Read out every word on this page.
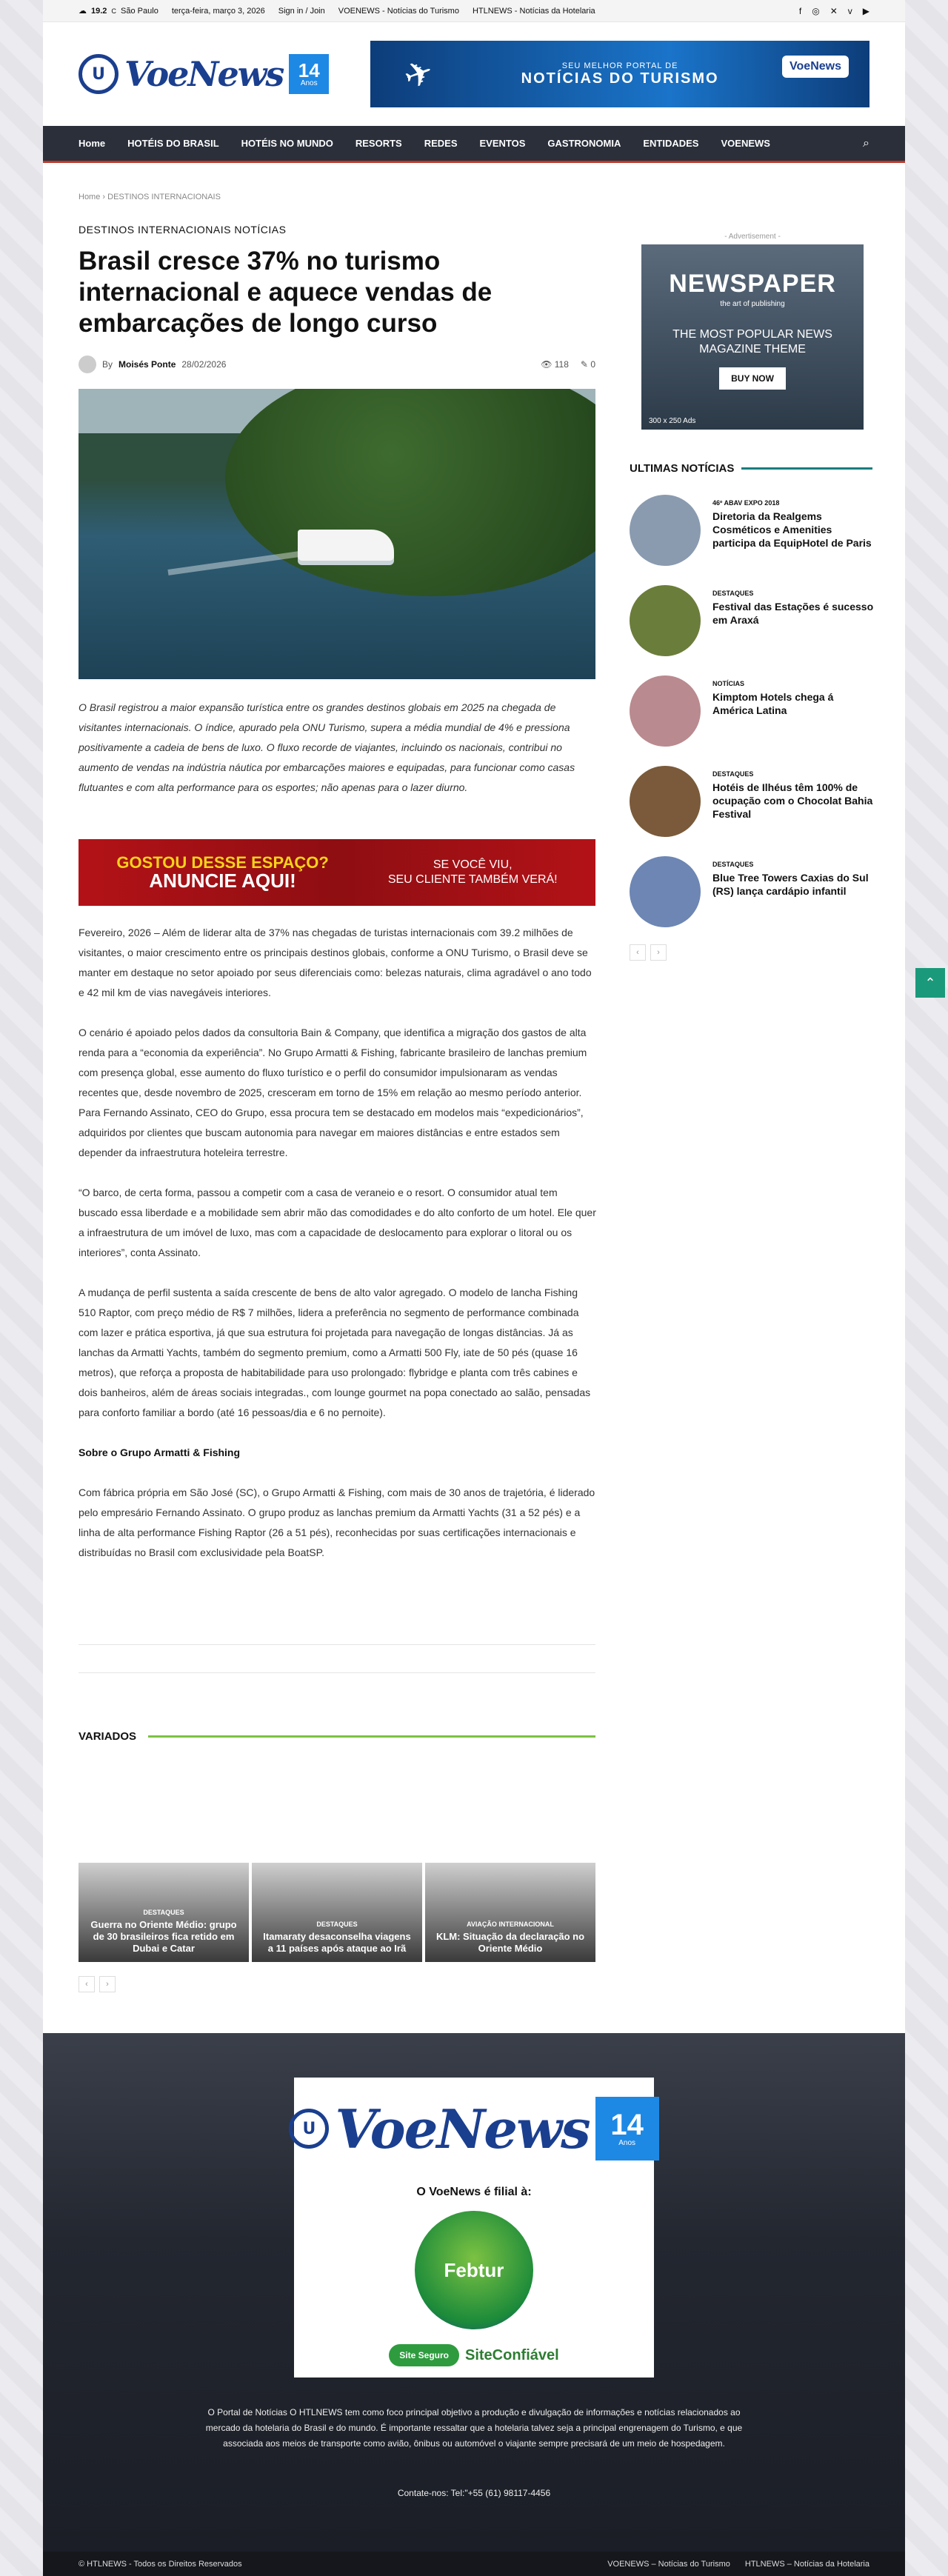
☁ 19.2 C São Paulo terça-feira, março 3, 2026 Sign in / Join VOENEWS - Notícias do Turismo HTLNEWS - Notícias da Hotelaria	f ◎ ✕ v ▶
U VoeNews 14
Anos ✈	SEU MELHOR PORTAL DE
NOTÍCIAS DO TURISMO
VoeNews
Home HOTÉIS DO BRASIL HOTÉIS NO MUNDO RESORTS REDES EVENTOS GASTRONOMIA ENTIDADES VOENEWS	⌕
Home › DESTINOS INTERNACIONAIS
DESTINOS INTERNACIONAIS NOTÍCIAS
Brasil cresce 37% no turismo internacional e aquece vendas de embarcações de longo curso
By Moisés Ponte 28/02/2026	👁 118 ✎ 0

O Brasil registrou a maior expansão turística entre os grandes destinos globais em 2025 na chegada de visitantes internacionais. O índice, apurado pela ONU Turismo, supera a média mundial de 4% e pressiona positivamente a cadeia de bens de luxo. O fluxo recorde de viajantes, incluindo os nacionais, contribui no aumento de vendas na indústria náutica por embarcações maiores e equipadas, para funcionar como casas flutuantes e com alta performance para os esportes; não apenas para o lazer diurno.

GOSTOU DESSE ESPAÇO?
ANUNCIE AQUI!
SE VOCÊ VIU,
SEU CLIENTE TAMBÉM VERÁ!

Fevereiro, 2026 – Além de liderar alta de 37% nas chegadas de turistas internacionais com 39.2 milhões de visitantes, o maior crescimento entre os principais destinos globais, conforme a ONU Turismo, o Brasil deve se manter em destaque no setor apoiado por seus diferenciais como: belezas naturais, clima agradável o ano todo e 42 mil km de vias navegáveis interiores.

O cenário é apoiado pelos dados da consultoria Bain & Company, que identifica a migração dos gastos de alta renda para a “economia da experiência”. No Grupo Armatti & Fishing, fabricante brasileiro de lanchas premium com presença global, esse aumento do fluxo turístico e o perfil do consumidor impulsionaram as vendas recentes que, desde novembro de 2025, cresceram em torno de 15% em relação ao mesmo período anterior. Para Fernando Assinato, CEO do Grupo, essa procura tem se destacado em modelos mais “expedicionários”, adquiridos por clientes que buscam autonomia para navegar em maiores distâncias e entre estados sem depender da infraestrutura hoteleira terrestre.

“O barco, de certa forma, passou a competir com a casa de veraneio e o resort. O consumidor atual tem buscado essa liberdade e a mobilidade sem abrir mão das comodidades e do alto conforto de um hotel. Ele quer a infraestrutura de um imóvel de luxo, mas com a capacidade de deslocamento para explorar o litoral ou os interiores”, conta Assinato.

A mudança de perfil sustenta a saída crescente de bens de alto valor agregado. O modelo de lancha Fishing 510 Raptor, com preço médio de R$ 7 milhões, lidera a preferência no segmento de performance combinada com lazer e prática esportiva, já que sua estrutura foi projetada para navegação de longas distâncias. Já as lanchas da Armatti Yachts, também do segmento premium, como a Armatti 500 Fly, iate de 50 pés (quase 16 metros), que reforça a proposta de habitabilidade para uso prolongado: flybridge e planta com três cabines e dois banheiros, além de áreas sociais integradas., com lounge gourmet na popa conectado ao salão, pensadas para conforto familiar a bordo (até 16 pessoas/dia e 6 no pernoite).

Sobre o Grupo Armatti & Fishing

Com fábrica própria em São José (SC), o Grupo Armatti & Fishing, com mais de 30 anos de trajetória, é liderado pelo empresário Fernando Assinato. O grupo produz as lanchas premium da Armatti Yachts (31 a 52 pés) e a linha de alta performance Fishing Raptor (26 a 51 pés), reconhecidas por suas certificações internacionais e distribuídas no Brasil com exclusividade pela BoatSP.

VARIADOS
DESTAQUES
Guerra no Oriente Médio: grupo de 30 brasileiros fica retido em Dubai e Catar
DESTAQUES
Itamaraty desaconselha viagens a 11 países após ataque ao Irã
AVIAÇÃO INTERNACIONAL
KLM: Situação da declaração no Oriente Médio
‹	›
- Advertisement -
NEWSPAPER
the art of publishing
THE MOST POPULAR NEWS
MAGAZINE THEME
BUY NOW
300 x 250 Ads
ULTIMAS NOTÍCIAS
46º ABAV EXPO 2018
Diretoria da Realgems Cosméticos e Amenities participa da EquipHotel de Paris
DESTAQUES
Festival das Estações é sucesso em Araxá
NOTÍCIAS
Kimptom Hotels chega á América Latina
DESTAQUES
Hotéis de Ilhéus têm 100% de ocupação com o Chocolat Bahia Festival
DESTAQUES
Blue Tree Towers Caxias do Sul (RS) lança cardápio infantil
‹	›
⌃
U VoeNews 14
Anos
O VoeNews é filial à:
Febtur
Site Seguro	SiteConfiável
O Portal de Notícias O HTLNEWS tem como foco principal objetivo a produção e divulgação de informações e notícias relacionados ao mercado da hotelaria do Brasil e do mundo. É importante ressaltar que a hotelaria talvez seja a principal engrenagem do Turismo, e que associada aos meios de transporte como avião, ônibus ou automóvel o viajante sempre precisará de um meio de hospedagem.
Contate-nos: Tel:"+55 (61) 98117-4456
© HTLNEWS - Todos os Direitos Reservados	VOENEWS – Notícias do Turismo HTLNEWS – Notícias da Hotelaria
